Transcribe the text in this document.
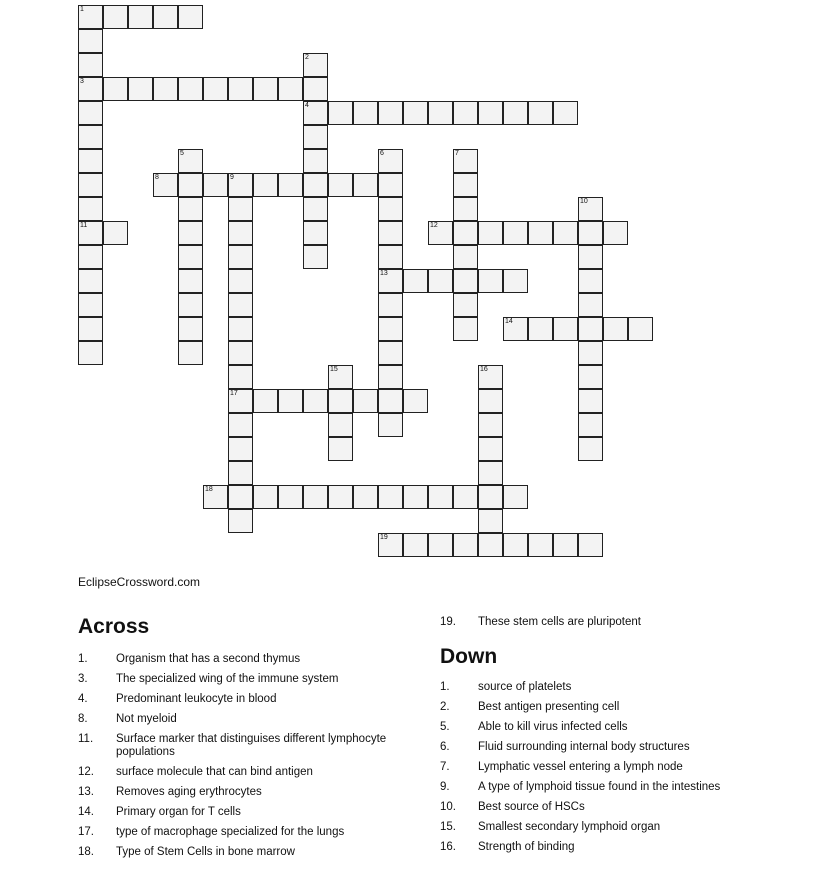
1
3
11
2
4
5	6
13
7
8	9
17
10
12
14
15	16
18
19
EclipseCrossword.com
Across
Down
1. Organism that has a second thymus
3. The specialized wing of the immune system
4. Predominant leukocyte in blood
8. Not myeloid
11. Surface marker that distinguises different lymphocyte populations
12. surface molecule that can bind antigen
13. Removes aging erythrocytes
14. Primary organ for T cells
17. type of macrophage specialized for the lungs
18. Type of Stem Cells in bone marrow
19. These stem cells are pluripotent
1. source of platelets
2. Best antigen presenting cell
5. Able to kill virus infected cells
6. Fluid surrounding internal body structures
7. Lymphatic vessel entering a lymph node
9. A type of lymphoid tissue found in the intestines
10. Best source of HSCs
15. Smallest secondary lymphoid organ
16. Strength of binding
